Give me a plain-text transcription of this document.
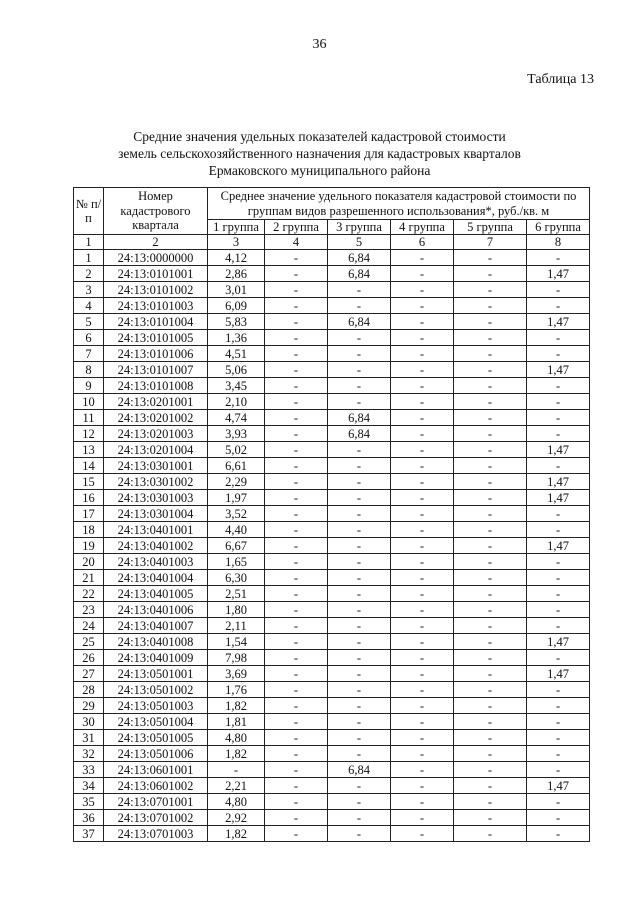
36
Таблица 13
Средние значения удельных показателей кадастровой стоимости
земель сельскохозяйственного назначения для кадастровых кварталов
Ермаковского муниципального района
№ п/п	Номер кадастрового квартала	Среднее значение удельного показателя кадастровой стоимости по группам видов разрешенного использования*, руб./кв. м					
		1 группа	2 группа	3 группа	4 группа	5 группа	6 группа
1	2	3	4	5	6	7	8
1	24:13:0000000	4,12	-	6,84	-	-	-
2	24:13:0101001	2,86	-	6,84	-	-	1,47
3	24:13:0101002	3,01	-	-	-	-	-
4	24:13:0101003	6,09	-	-	-	-	-
5	24:13:0101004	5,83	-	6,84	-	-	1,47
6	24:13:0101005	1,36	-	-	-	-	-
7	24:13:0101006	4,51	-	-	-	-	-
8	24:13:0101007	5,06	-	-	-	-	1,47
9	24:13:0101008	3,45	-	-	-	-	-
10	24:13:0201001	2,10	-	-	-	-	-
11	24:13:0201002	4,74	-	6,84	-	-	-
12	24:13:0201003	3,93	-	6,84	-	-	-
13	24:13:0201004	5,02	-	-	-	-	1,47
14	24:13:0301001	6,61	-	-	-	-	-
15	24:13:0301002	2,29	-	-	-	-	1,47
16	24:13:0301003	1,97	-	-	-	-	1,47
17	24:13:0301004	3,52	-	-	-	-	-
18	24:13:0401001	4,40	-	-	-	-	-
19	24:13:0401002	6,67	-	-	-	-	1,47
20	24:13:0401003	1,65	-	-	-	-	-
21	24:13:0401004	6,30	-	-	-	-	-
22	24:13:0401005	2,51	-	-	-	-	-
23	24:13:0401006	1,80	-	-	-	-	-
24	24:13:0401007	2,11	-	-	-	-	-
25	24:13:0401008	1,54	-	-	-	-	1,47
26	24:13:0401009	7,98	-	-	-	-	-
27	24:13:0501001	3,69	-	-	-	-	1,47
28	24:13:0501002	1,76	-	-	-	-	-
29	24:13:0501003	1,82	-	-	-	-	-
30	24:13:0501004	1,81	-	-	-	-	-
31	24:13:0501005	4,80	-	-	-	-	-
32	24:13:0501006	1,82	-	-	-	-	-
33	24:13:0601001	-	-	6,84	-	-	-
34	24:13:0601002	2,21	-	-	-	-	1,47
35	24:13:0701001	4,80	-	-	-	-	-
36	24:13:0701002	2,92	-	-	-	-	-
37	24:13:0701003	1,82	-	-	-	-	-
